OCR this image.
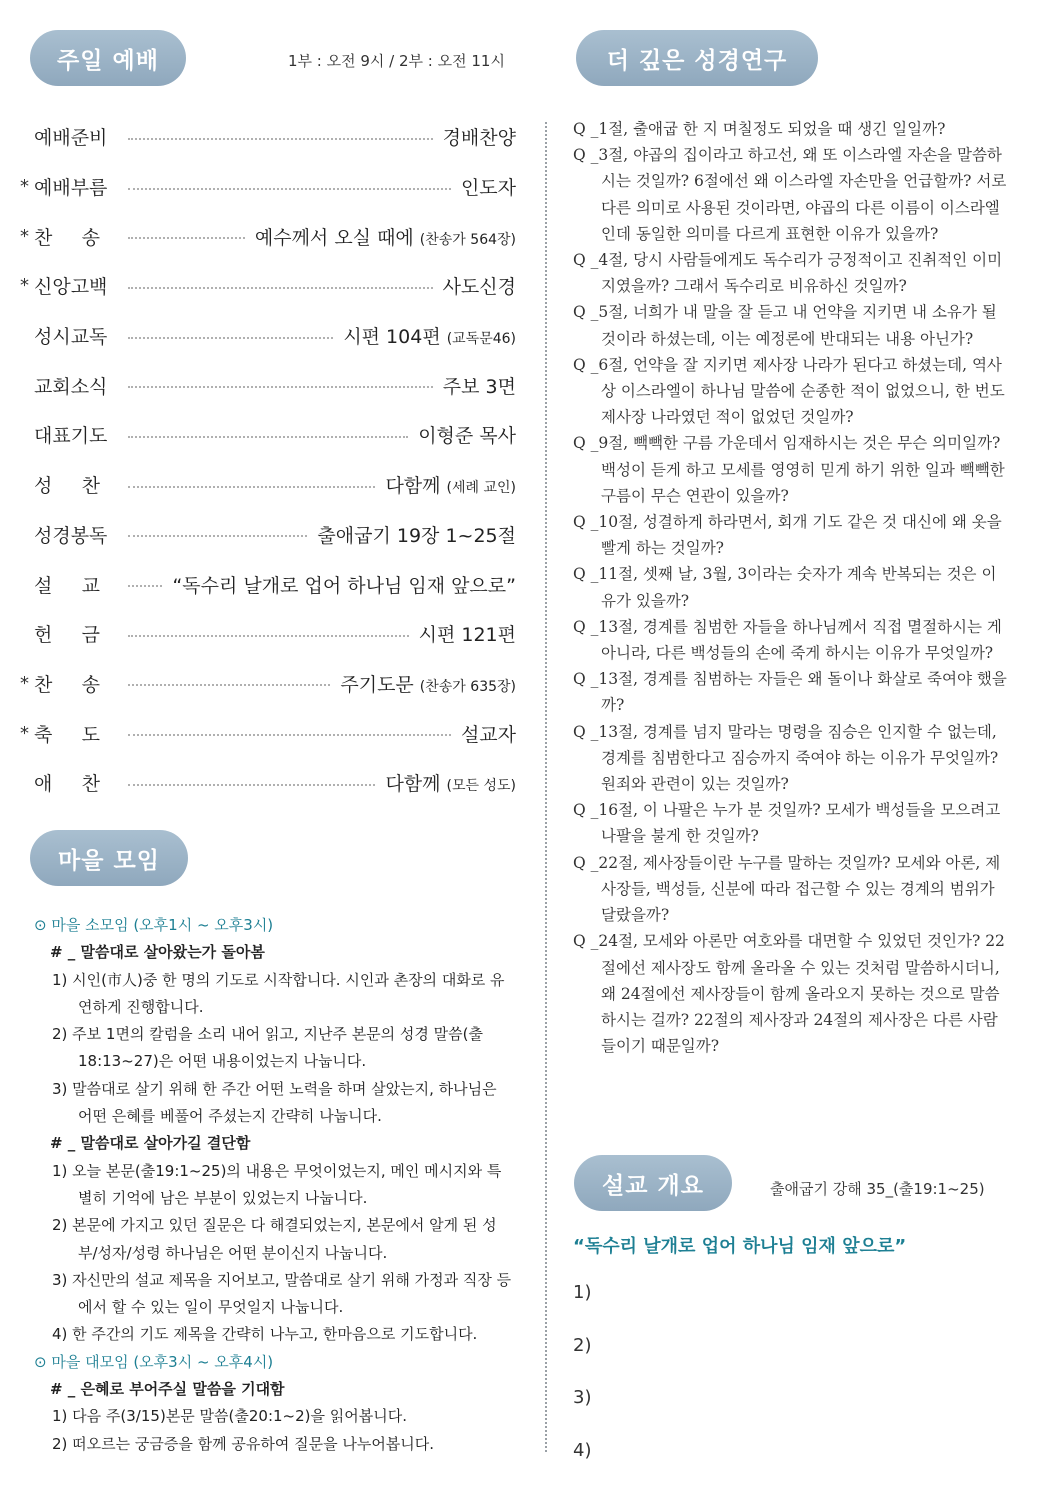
주일 예배	1부 : 오전 9시 / 2부 : 오전 11시
예배준비	경배찬양
* 예배부름	인도자
* 찬 송	예수께서 오실 때에 (찬송가 564장)
* 신앙고백	사도신경
성시교독	시편 104편 (교독문46)
교회소식	주보 3면
대표기도	이형준 목사
성 찬	다함께 (세례 교인)
성경봉독	출애굽기 19장 1~25절
설 교	“독수리 날개로 업어 하나님 임재 앞으로”
헌 금	시편 121편
* 찬 송	주기도문 (찬송가 635장)
* 축 도	설교자
애 찬	다함께 (모든 성도)
마을 모임
⊙ 마을 소모임 (오후1시 ~ 오후3시)
# _ 말씀대로 살아왔는가 돌아봄
1) 시인(市人)중 한 명의 기도로 시작합니다. 시인과 촌장의 대화로 유연하게 진행합니다.
2) 주보 1면의 칼럼을 소리 내어 읽고, 지난주 본문의 성경 말씀(출18:13~27)은 어떤 내용이었는지 나눕니다.
3) 말씀대로 살기 위해 한 주간 어떤 노력을 하며 살았는지, 하나님은 어떤 은혜를 베풀어 주셨는지 간략히 나눕니다.
# _ 말씀대로 살아가길 결단함
1) 오늘 본문(출19:1~25)의 내용은 무엇이었는지, 메인 메시지와 특별히 기억에 남은 부분이 있었는지 나눕니다.
2) 본문에 가지고 있던 질문은 다 해결되었는지, 본문에서 알게 된 성부/성자/성령 하나님은 어떤 분이신지 나눕니다.
3) 자신만의 설교 제목을 지어보고, 말씀대로 살기 위해 가정과 직장 등에서 할 수 있는 일이 무엇일지 나눕니다.
4) 한 주간의 기도 제목을 간략히 나누고, 한마음으로 기도합니다.
⊙ 마을 대모임 (오후3시 ~ 오후4시)
# _ 은혜로 부어주실 말씀을 기대함
1) 다음 주(3/15)본문 말씀(출20:1~2)을 읽어봅니다.
2) 떠오르는 궁금증을 함께 공유하여 질문을 나누어봅니다.
더 깊은 성경연구
Q _1절, 출애굽 한 지 며칠정도 되었을 때 생긴 일일까?
Q _3절, 야곱의 집이라고 하고선, 왜 또 이스라엘 자손을 말씀하시는 것일까? 6절에선 왜 이스라엘 자손만을 언급할까? 서로 다른 의미로 사용된 것이라면, 야곱의 다른 이름이 이스라엘인데 동일한 의미를 다르게 표현한 이유가 있을까?
Q _4절, 당시 사람들에게도 독수리가 긍정적이고 진취적인 이미지였을까? 그래서 독수리로 비유하신 것일까?
Q _5절, 너희가 내 말을 잘 듣고 내 언약을 지키면 내 소유가 될 것이라 하셨는데, 이는 예정론에 반대되는 내용 아닌가?
Q _6절, 언약을 잘 지키면 제사장 나라가 된다고 하셨는데, 역사상 이스라엘이 하나님 말씀에 순종한 적이 없었으니, 한 번도 제사장 나라였던 적이 없었던 것일까?
Q _9절, 빽빽한 구름 가운데서 임재하시는 것은 무슨 의미일까? 백성이 듣게 하고 모세를 영영히 믿게 하기 위한 일과 빽빽한 구름이 무슨 연관이 있을까?
Q _10절, 성결하게 하라면서, 회개 기도 같은 것 대신에 왜 옷을 빨게 하는 것일까?
Q _11절, 셋째 날, 3월, 3이라는 숫자가 계속 반복되는 것은 이유가 있을까?
Q _13절, 경계를 침범한 자들을 하나님께서 직접 멸절하시는 게 아니라, 다른 백성들의 손에 죽게 하시는 이유가 무엇일까?
Q _13절, 경계를 침범하는 자들은 왜 돌이나 화살로 죽여야 했을까?
Q _13절, 경계를 넘지 말라는 명령을 짐승은 인지할 수 없는데, 경계를 침범한다고 짐승까지 죽여야 하는 이유가 무엇일까? 원죄와 관련이 있는 것일까?
Q _16절, 이 나팔은 누가 분 것일까? 모세가 백성들을 모으려고 나팔을 불게 한 것일까?
Q _22절, 제사장들이란 누구를 말하는 것일까? 모세와 아론, 제사장들, 백성들, 신분에 따라 접근할 수 있는 경계의 범위가 달랐을까?
Q _24절, 모세와 아론만 여호와를 대면할 수 있었던 것인가? 22절에선 제사장도 함께 올라올 수 있는 것처럼 말씀하시더니, 왜 24절에선 제사장들이 함께 올라오지 못하는 것으로 말씀하시는 걸까? 22절의 제사장과 24절의 제사장은 다른 사람들이기 때문일까?
설교 개요	출애굽기 강해 35_(출19:1~25)
“독수리 날개로 업어 하나님 임재 앞으로”
1)
2)
3)
4)
